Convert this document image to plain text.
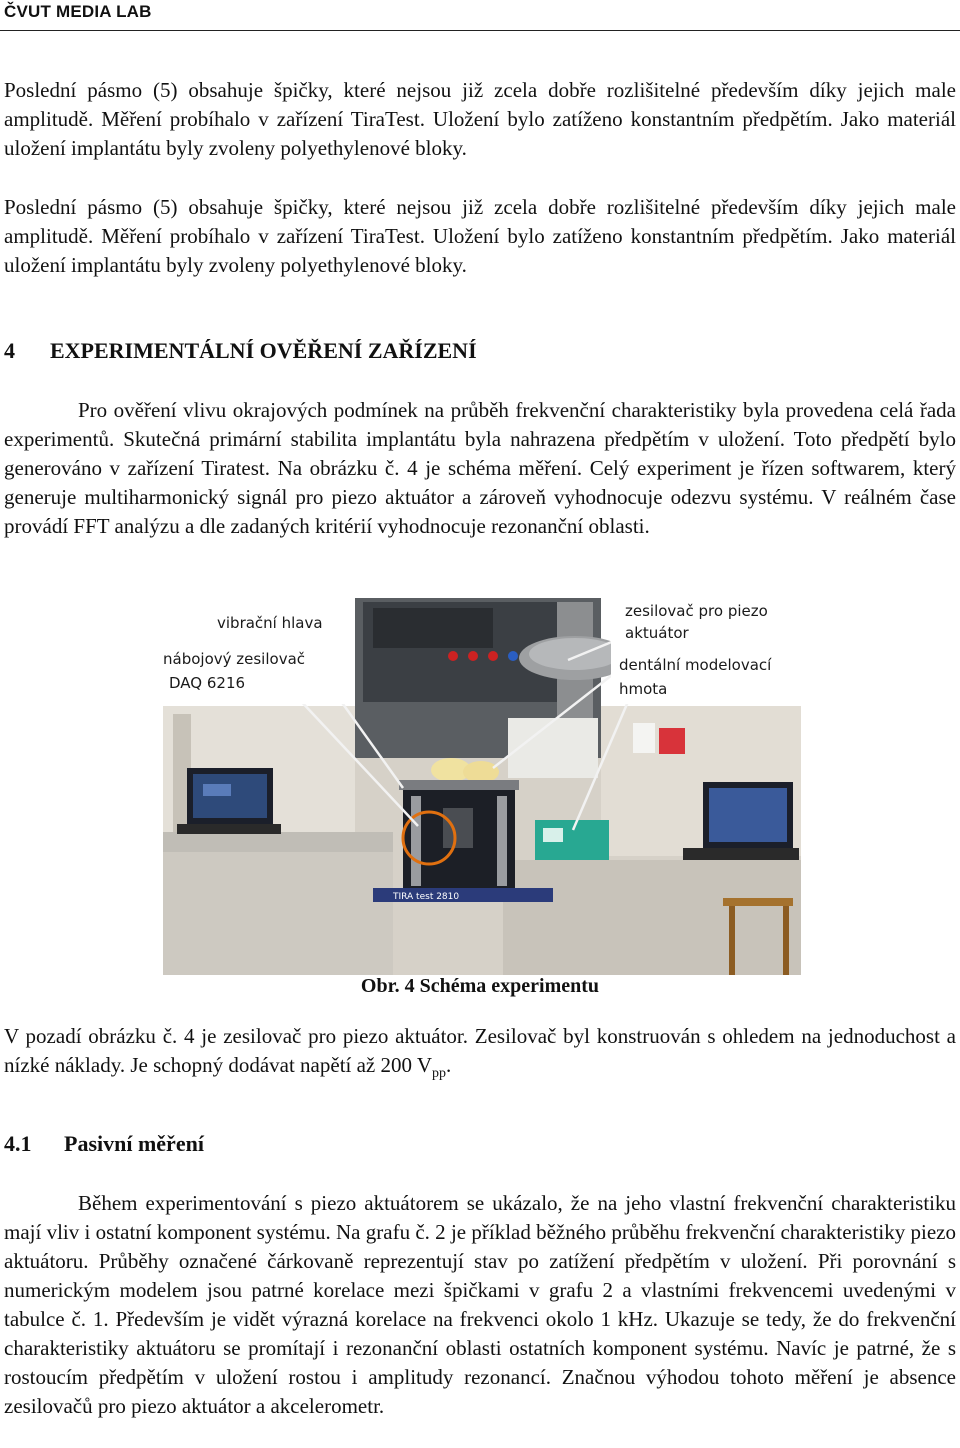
ČVUT MEDIA LAB

Poslední pásmo (5) obsahuje špičky, které nejsou již zcela dobře rozlišitelné především díky jejich male amplitudě. Měření probíhalo v zařízení TiraTest. Uložení bylo zatíženo konstantním předpětím. Jako materiál uložení implantátu byly zvoleny polyethylenové bloky.

Poslední pásmo (5) obsahuje špičky, které nejsou již zcela dobře rozlišitelné především díky jejich male amplitudě. Měření probíhalo v zařízení TiraTest. Uložení bylo zatíženo konstantním předpětím. Jako materiál uložení implantátu byly zvoleny polyethylenové bloky.

4 EXPERIMENTÁLNÍ OVĚŘENÍ ZAŘÍZENÍ

Pro ověření vlivu okrajových podmínek na průběh frekvenční charakteristiky byla provedena celá řada experimentů. Skutečná primární stabilita implantátu byla nahrazena předpětím v uložení. Toto předpětí bylo generováno v zařízení Tiratest. Na obrázku č. 4 je schéma měření. Celý experiment je řízen softwarem, který generuje multiharmonický signál pro piezo aktuátor a zároveň vyhodnocuje odezvu systému. V reálném čase provádí FFT analýzu a dle zadaných kritérií vyhodnocuje rezonanční oblasti.

TIRA test 2810
vibrační hlava
nábojový zesilovač
DAQ 6216
zesilovač pro piezo
aktuátor
dentální modelovací
hmota

Obr. 4 Schéma experimentu

V pozadí obrázku č. 4 je zesilovač pro piezo aktuátor. Zesilovač byl konstruován s ohledem na jednoduchost a nízké náklady. Je schopný dodávat napětí až 200 $V_{pp}$.

4.1 Pasivní měření

Během experimentování s piezo aktuátorem se ukázalo, že na jeho vlastní frekvenční charakteristiku mají vliv i ostatní komponent systému. Na grafu č. 2 je příklad běžného průběhu frekvenční charakteristiky piezo aktuátoru. Průběhy označené čárkovaně reprezentují stav po zatížení předpětím v uložení. Při porovnání s numerickým modelem jsou patrné korelace mezi špičkami v grafu 2 a vlastními frekvencemi uvedenými v tabulce č. 1. Především je vidět výrazná korelace na frekvenci okolo 1 kHz. Ukazuje se tedy, že do frekvenční charakteristiky aktuátoru se promítají i rezonanční oblasti ostatních komponent systému. Navíc je patrné, že s rostoucím předpětím v uložení rostou i amplitudy rezonancí. Značnou výhodou tohoto měření je absence zesilovačů pro piezo aktuátor a akcelerometr.
